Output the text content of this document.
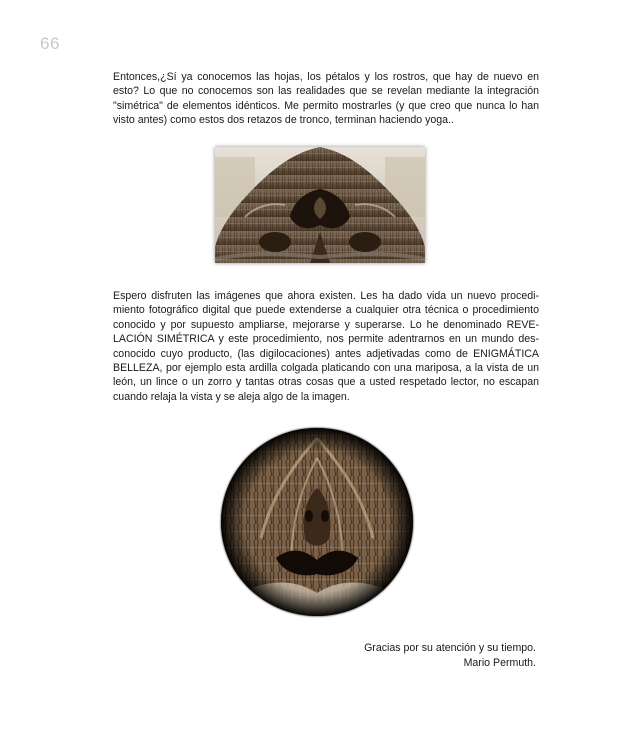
66

Entonces,¿Sí ya conocemos las hojas, los pétalos y los rostros, que hay de nuevo en esto? Lo que no conocemos son las realidades que se revelan mediante la integración "simétrica" de elementos idénticos. Me permito mostrarles (y que creo que nunca lo han visto antes) como estos dos retazos de tronco, terminan haciendo yoga..

Espero disfruten las imágenes que ahora existen. Les ha dado vida un nuevo procedimiento fotográfico digital que puede extenderse a cualquier otra técnica o procedimiento conocido y por supuesto ampliarse, mejorarse y superarse. Lo he denominado REVELACIÓN SIMÉTRICA y este procedimiento, nos permite adentrarnos en un mundo desconocido cuyo producto, (las digilocaciones) antes adjetivadas como de ENIGMÁTICA BELLEZA, por ejemplo esta ardilla colgada platicando con una mariposa, a la vista de un león, un lince o un zorro y tantas otras cosas que a usted respetado lector, no escapan cuando relaja la vista y se aleja algo de la imagen.

Gracias por su atención y su tiempo.
Mario Permuth.
